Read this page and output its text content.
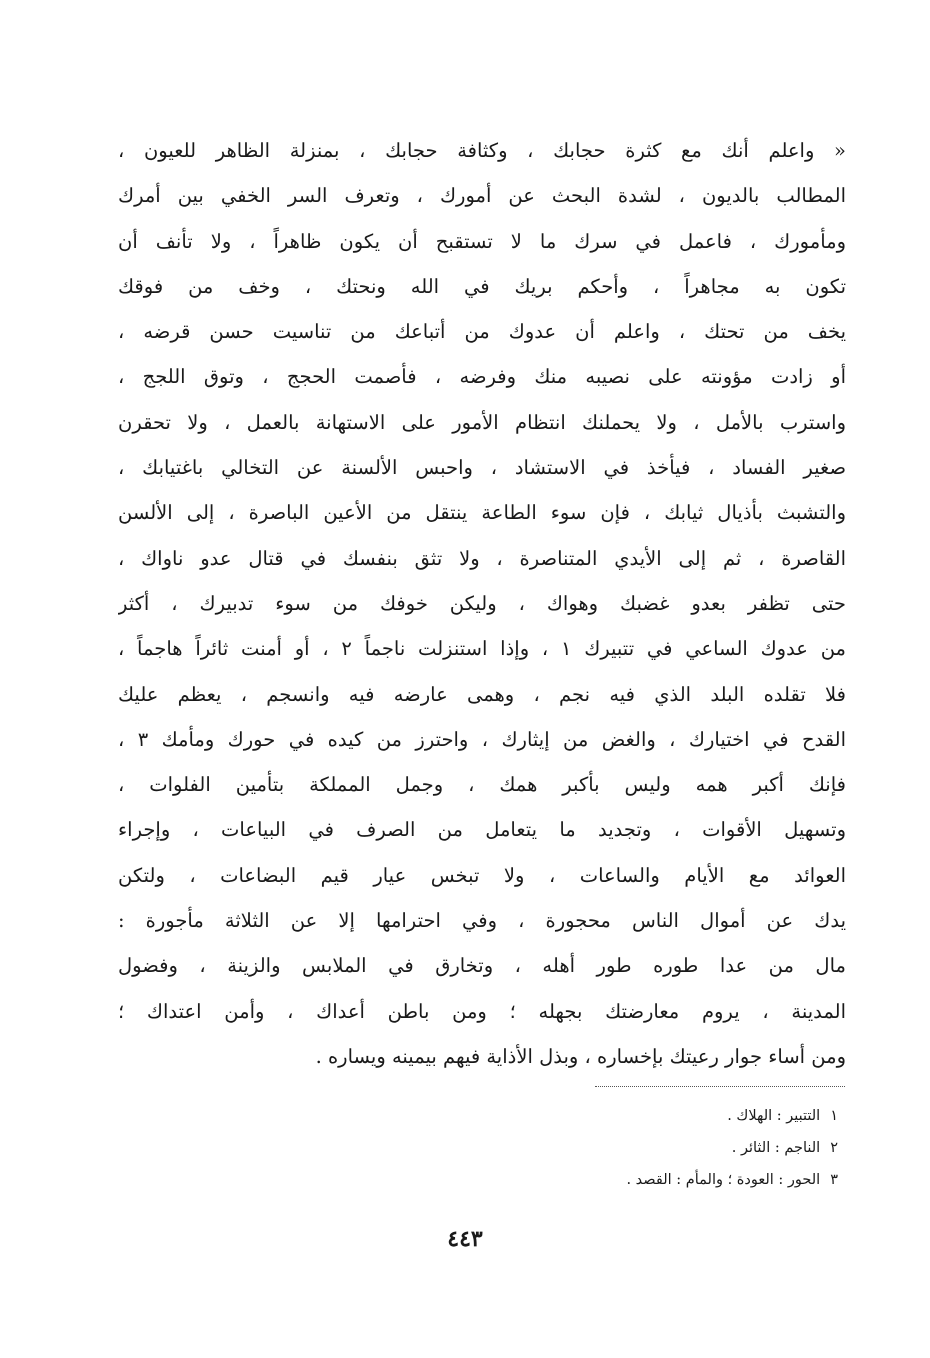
« واعلم أنك مع كثرة حجابك ، وكثافة حجابك ، بمنزلة الظاهر للعيون ،
المطالب بالديون ، لشدة البحث عن أمورك ، وتعرف السر الخفي بين أمرك
ومأمورك ، فاعمل في سرك ما لا تستقبح أن يكون ظاهراً ، ولا تأنف أن
تكون به مجاهراً ، وأحكم بريك في الله ونحتك ، وخف من فوقك
يخف من تحتك ، واعلم أن عدوك من أتباعك من تناسيت حسن قرضه ،
أو زادت مؤونته على نصيبه منك وفرضه ، فأصمت الحجج ، وتوق اللجج ،
واسترب بالأمل ، ولا يحملنك انتظام الأمور على الاستهانة بالعمل ، ولا تحقرن
صغير الفساد ، فيأخذ في الاستشاد ، واحبس الألسنة عن التخالي باغتيابك ،
والتشبث بأذيال ثيابك ، فإن سوء الطاعة ينتقل من الأعين الباصرة ، إلى الألسن
القاصرة ، ثم إلى الأيدي المتناصرة ، ولا تثق بنفسك في قتال عدو ناواك ،
حتى تظفر بعدو غضبك وهواك ، وليكن خوفك من سوء تدبيرك ، أكثر
من عدوك الساعي في تتبيرك ١ ، وإذا استنزلت ناجماً ٢ ، أو أمنت ثائراً هاجماً ،
فلا تقلده البلد الذي فيه نجم ، وهمى عارضه فيه وانسجم ، يعظم عليك
القدح في اختيارك ، والغض من إيثارك ، واحترز من كيده في حورك ومأمك ٣ ،
فإنك أكبر همه وليس بأكبر همك ، وجمل المملكة بتأمين الفلوات ،
وتسهيل الأقوات ، وتجديد ما يتعامل من الصرف في البياعات ، وإجراء
العوائد مع الأيام والساعات ، ولا تبخس عيار قيم البضاعات ، ولتكن
يدك عن أموال الناس محجورة ، وفي احترامها إلا عن الثلاثة مأجورة :
مال من عدا طوره طور أهله ، وتخارق في الملابس والزينة ، وفضول
المدينة ، يروم معارضتك بجهله ؛ ومن باطن أعداك ، وأمن اعتداك ؛
ومن أساء جوار رعيتك بإخساره ، وبذل الأذاية فيهم بيمينه ويساره .
١التتبير : الهلاك .
٢الناجم : الثائر .
٣الحور : العودة ؛ والمأم : القصد .
٤٤٣
